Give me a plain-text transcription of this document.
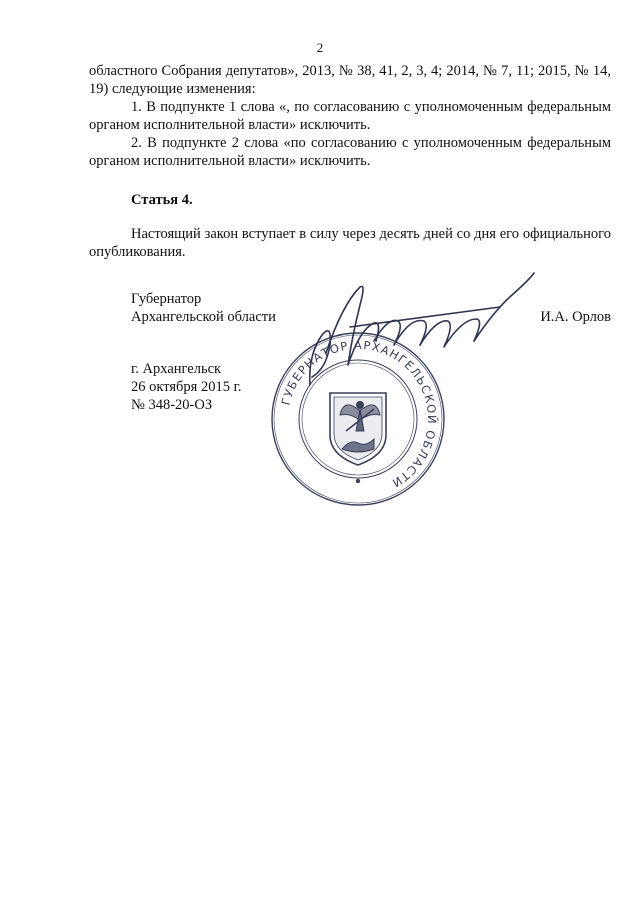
2

областного Собрания депутатов», 2013, № 38, 41, 2, 3, 4; 2014, № 7, 11; 2015, № 14, 19) следующие изменения:

1. В подпункте 1 слова «, по согласованию с уполномоченным федеральным органом исполнительной власти» исключить.

2. В подпункте 2 слова «по согласованию с уполномоченным федеральным органом исполнительной власти» исключить.

Статья 4.

Настоящий закон вступает в силу через десять дней со дня его официального опубликования.

Губернатор
Архангельской области	И.А. Орлов
г. Архангельск
26 октября 2015 г.
№ 348-20-ОЗ	ГУБЕРНАТОР АРХАНГЕЛЬСКОЙ ОБЛАСТИ
